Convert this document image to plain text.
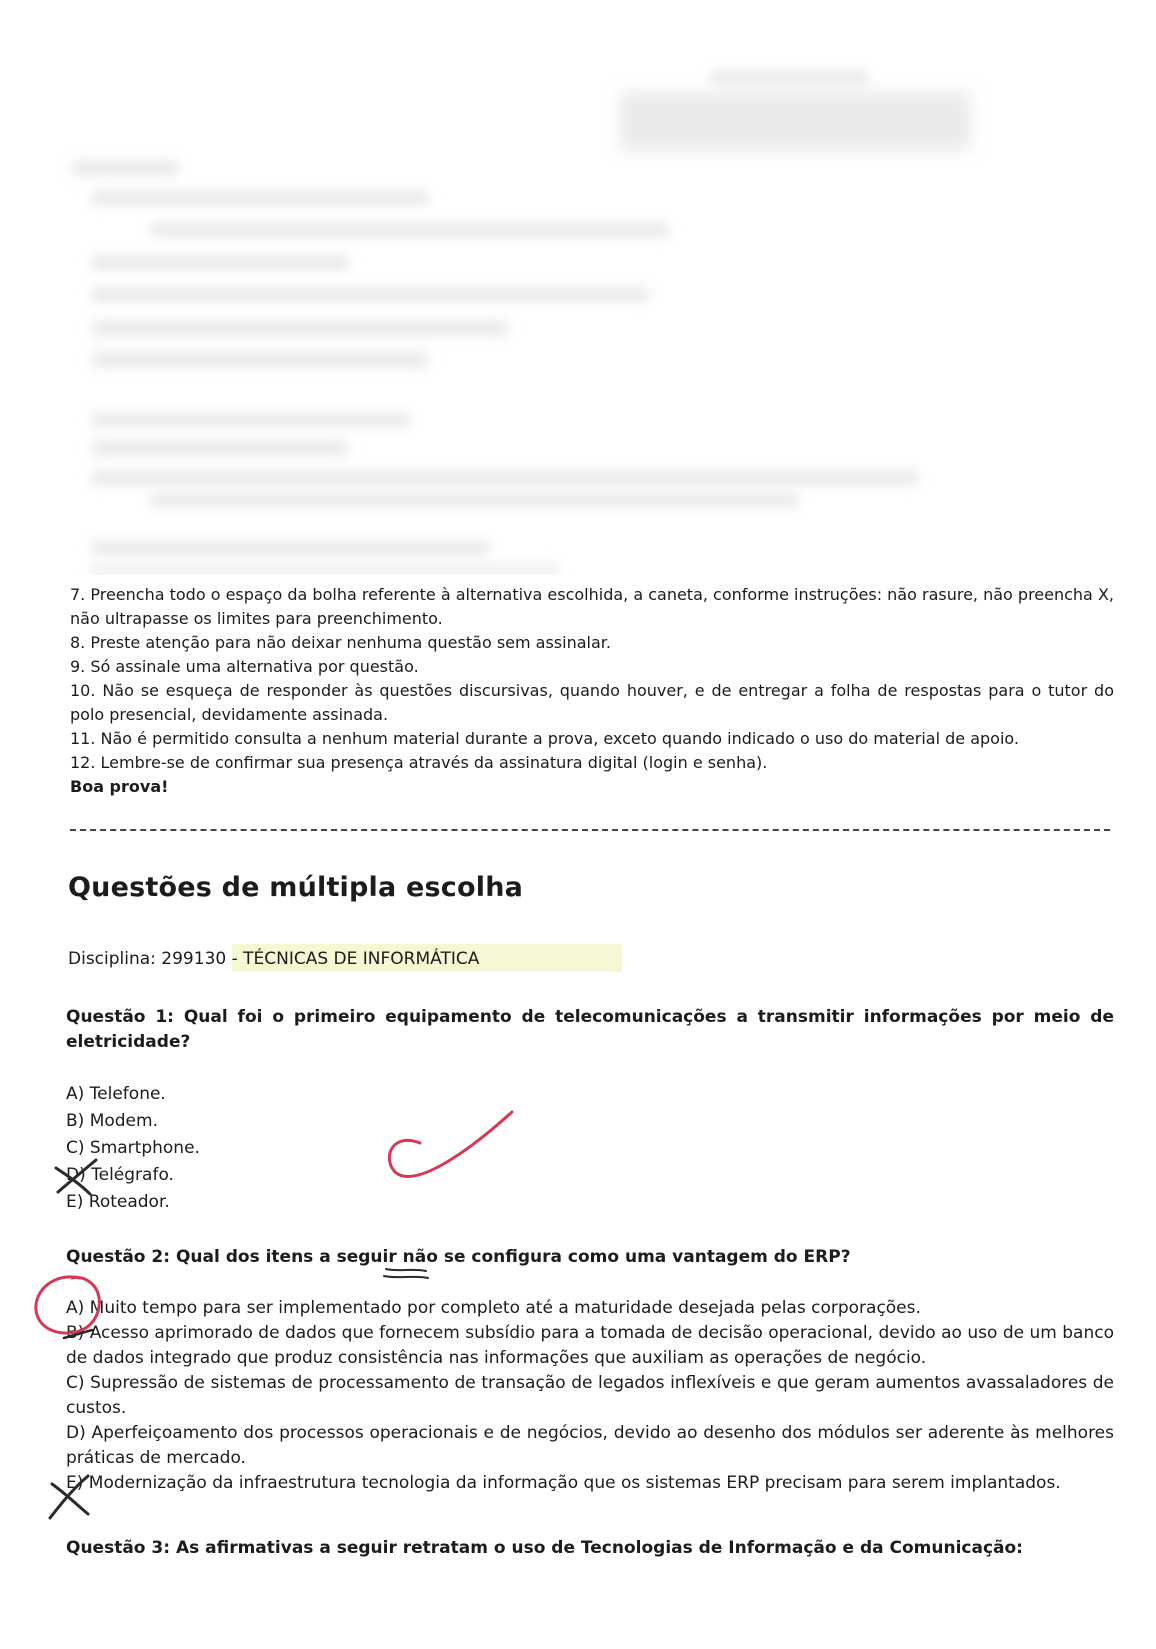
7. Preencha todo o espaço da bolha referente à alternativa escolhida, a caneta, conforme instruções: não rasure, não preencha X, não ultrapasse os limites para preenchimento.

8. Preste atenção para não deixar nenhuma questão sem assinalar.

9. Só assinale uma alternativa por questão.

10. Não se esqueça de responder às questões discursivas, quando houver, e de entregar a folha de respostas para o tutor do polo presencial, devidamente assinada.

11. Não é permitido consulta a nenhum material durante a prova, exceto quando indicado o uso do material de apoio.

12. Lembre-se de confirmar sua presença através da assinatura digital (login e senha).

Boa prova!

Questões de múltipla escolha
Disciplina: 299130 - TÉCNICAS DE INFORMÁTICA

Questão 1: Qual foi o primeiro equipamento de telecomunicações a transmitir informações por meio de eletricidade?

A) Telefone.

B) Modem.

C) Smartphone.

D) Telégrafo.

E) Roteador.

Questão 2: Qual dos itens a seguir não se configura como uma vantagem do ERP?

A) Muito tempo para ser implementado por completo até a maturidade desejada pelas corporações.

B) Acesso aprimorado de dados que fornecem subsídio para a tomada de decisão operacional, devido ao uso de um banco de dados integrado que produz consistência nas informações que auxiliam as operações de negócio.

C) Supressão de sistemas de processamento de transação de legados inflexíveis e que geram aumentos avassaladores de custos.

D) Aperfeiçoamento dos processos operacionais e de negócios, devido ao desenho dos módulos ser aderente às melhores práticas de mercado.

E) Modernização da infraestrutura tecnologia da informação que os sistemas ERP precisam para serem implantados.

Questão 3: As afirmativas a seguir retratam o uso de Tecnologias de Informação e da Comunicação:
